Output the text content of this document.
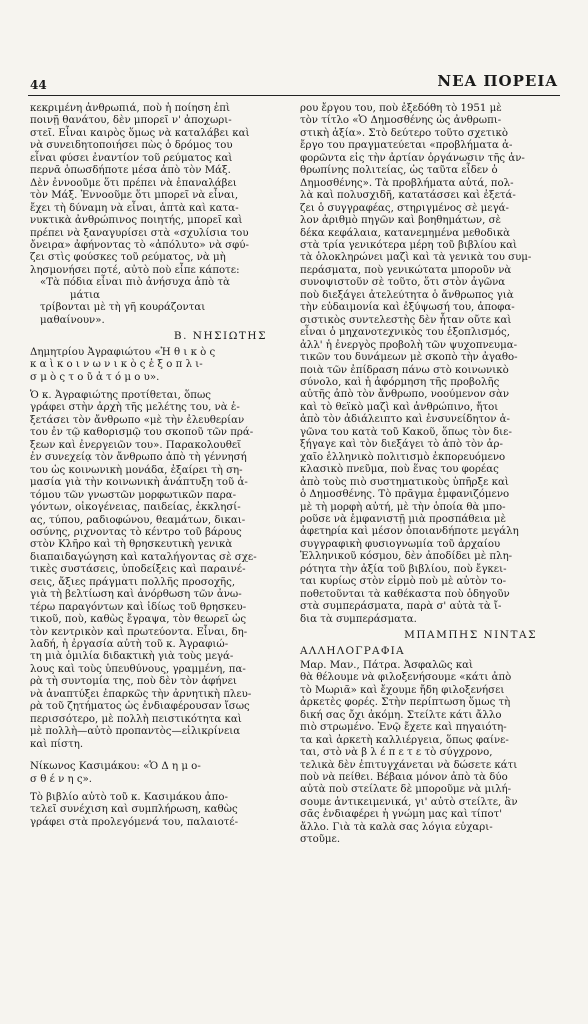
44	ΝΕΑ ΠΟΡΕΙΑ

κεκριμένη ἀνθρωπιά, ποὺ ἡ ποίηση ἐπὶ

ποινῇ θανάτου, δὲν μπορεῖ ν' ἀποχωρι-

στεῖ. Εἶναι καιρὸς ὅμως νὰ καταλάβει καὶ

νὰ συνειδητοποιήσει πὼς ὁ δρόμος του

εἶναι φύσει ἐναντίον τοῦ ρεύματος καὶ

περνᾶ ὁπωσδήποτε μέσα ἀπὸ τὸν Μάξ.

Δὲν ἐννοοῦμε ὅτι πρέπει νὰ ἐπαναλάβει

τὸν Μάξ. Ἐννοοῦμε ὅτι μπορεῖ νὰ εἶναι,

ἔχει τὴ δύναμη νὰ εἶναι, ἁπτὰ καὶ κατα-

νυκτικὰ ἀνθρώπινος ποιητής, μπορεῖ καὶ

πρέπει νὰ ξαναγυρίσει στὰ «σχυλίσια του

ὄνειρα» ἀφήνοντας τὸ «ἀπόλυτο» νὰ σφύ-

ζει στὶς φούσκες τοῦ ρεύματος, νὰ μὴ

λησμονήσει ποτέ, αὐτὸ ποὺ εἶπε κάποτε:

«Τὰ πόδια εἶναι πιὸ ἀνήσυχα ἀπὸ τὰ

μάτια

τρίβονται μὲ τὴ γῆ κουράζονται

μαθαίνουν».

Β. ΝΗΣΙΩΤΗΣ

Δημητρίου Ἀγραφιώτου «Ἠ θ ι κ ὸ ς

κ α ὶ κ ο ι ν ω ν ι κ ὸ ς ἐ ξ ο π λ ι-

σ μ ὸ ς τ ο ῦ ἀ τ ό μ ο υ».

Ὁ κ. Ἀγραφιώτης προτίθεται, ὅπως

γράφει στὴν ἀρχὴ τῆς μελέτης του, νὰ ἐ-

ξετάσει τὸν ἄνθρωπο «μὲ τὴν ἐλευθερίαν

του ἐν τῷ καθορισμῷ του σκοποῦ τῶν πρά-

ξεων καὶ ἐνεργειῶν του». Παρακολουθεῖ

ἐν συνεχείᾳ τὸν ἄνθρωπο ἀπὸ τὴ γέννησή

του ὡς κοινωνικὴ μονάδα, ἐξαίρει τὴ ση-

μασία γιὰ τὴν κοινωνικὴ ἀνάπτυξη τοῦ ἀ-

τόμου τῶν γνωστῶν μορφωτικῶν παρα-

γόντων, οἰκογένειας, παιδείας, ἐκκλησί-

ας, τύπου, ραδιοφώνου, θεαμάτων, δικαι-

οσύνης, ριχνοντας τὸ κέντρο τοῦ βάρους

στὸν Κλῆρο καὶ τὴ θρησκευτικὴ γενικὰ

διαπαιδαγώγηση καὶ καταλήγοντας σὲ σχε-

τικὲς συστάσεις, ὑποδείξεις καὶ παραινέ-

σεις, ἄξιες πράγματι πολλῆς προσοχῆς,

γιὰ τὴ βελτίωση καὶ ἀνόρθωση τῶν ἀνω-

τέρω παραγόντων καὶ ἰδίως τοῦ θρησκευ-

τικοῦ, ποὺ, καθὼς ἔγραψα, τὸν θεωρεῖ ὡς

τὸν κεντρικὸν καὶ πρωτεύοντα. Εἶναι, δη-

λαδή, ἡ ἐργασία αὐτὴ τοῦ κ. Ἀγραφιώ-

τη μιὰ ὁμιλία διδακτικὴ γιὰ τοὺς μεγά-

λους καὶ τοὺς ὑπευθύνους, γραμμένη, πα-

ρὰ τὴ συντομία της, ποὺ δὲν τὸν ἀφήνει

νὰ ἀναπτύξει ἐπαρκῶς τὴν ἀρνητικὴ πλευ-

ρὰ τοῦ ζητήματος ὡς ἐνδιαφέρουσαν ἴσως

περισσότερο, μὲ πολλὴ πειστικότητα καὶ

μὲ πολλὴ—αὐτὸ προπαντὸς—εἰλικρίνεια

καὶ πίστη.

Νίκωνος Κασιμάκου: «Ὁ Δ η μ ο-

σ θ έ ν η ς».

Τὸ βιβλίο αὐτὸ τοῦ κ. Κασιμάκου ἀπο-

τελεῖ συνέχιση καὶ συμπλήρωση, καθὼς

γράφει στὰ προλεγόμενά του, παλαιοτέ-

ρου ἔργου του, ποὺ ἐξεδόθη τὸ 1951 μὲ

τὸν τίτλο «Ὁ Δημοσθένης ὡς ἀνθρωπι-

στικὴ ἀξία». Στὸ δεύτερο τοῦτο σχετικὸ

ἔργο του πραγματεύεται «προβλήματα ἀ-

φορῶντα εἰς τὴν ἀρτίαν ὀργάνωσιν τῆς ἀν-

θρωπίνης πολιτείας, ὡς ταῦτα εἶδεν ὁ

Δημοσθένης». Τὰ προβλήματα αὐτά, πολ-

λὰ καὶ πολυσχιδῆ, κατατάσσει καὶ ἐξετά-

ζει ὁ συγγραφέας, στηριγμένος σὲ μεγά-

λον ἀριθμὸ πηγῶν καὶ βοηθημάτων, σὲ

δέκα κεφάλαια, κατανεμημένα μεθοδικὰ

στὰ τρία γενικότερα μέρη τοῦ βιβλίου καὶ

τὰ ὁλοκληρώνει μαζὶ καὶ τὰ γενικὰ του συμ-

περάσματα, ποὺ γενικώτατα μποροῦν νὰ

συνοψιστοῦν σὲ τοῦτο, ὅτι στὸν ἀγῶνα

ποὺ διεξάγει ἀτελεύτητα ὁ ἄνθρωπος γιὰ

τὴν εὐδαιμονία καὶ ἐξύψωσή του, ἀποφα-

σιστικὸς συντελεστὴς δὲν ἦταν οὔτε καὶ

εἶναι ὁ μηχανοτεχνικὸς του ἐξοπλισμός,

ἀλλ' ἡ ἐνεργὸς προβολὴ τῶν ψυχοπνευμα-

τικῶν του δυνάμεων μὲ σκοπὸ τὴν ἀγαθο-

ποιὰ τῶν ἐπίδραση πάνω στὸ κοινωνικὸ

σύνολο, καὶ ἡ ἀφόρμηση τῆς προβολῆς

αὐτῆς ἀπὸ τὸν ἄνθρωπο, νοούμενον σὰν

καὶ τὸ θεϊκὸ μαζὶ καὶ ἀνθρώπινο, ἤτοι

ἀπὸ τὸν ἀδιάλειπτο καὶ ἐνσυνείδητον ἀ-

γῶνα του κατὰ τοῦ Κακοῦ, ὅπως τὸν διε-

ξήγαγε καὶ τὸν διεξάγει τὸ ἀπὸ τὸν ἀρ-

χαῖο ἑλληνικὸ πολιτισμὸ ἐκπορευόμενο

κλασικὸ πνεῦμα, ποὺ ἕνας του φορέας

ἀπὸ τοὺς πιὸ συστηματικοὺς ὑπῆρξε καὶ

ὁ Δημοσθένης. Τὸ πρᾶγμα ἐμφανιζόμενο

μὲ τὴ μορφὴ αὐτή, μὲ τὴν ὁποία θὰ μπο-

ροῦσε νὰ ἐμφανιστῇ μιὰ προσπάθεια μὲ

ἀφετηρία καὶ μέσον ὁποιανδήποτε μεγάλη

συγγραφικὴ φυσιογνωμία τοῦ ἀρχαίου

Ἑλληνικοῦ κόσμου, δὲν ἀποδίδει μὲ πλη-

ρότητα τὴν ἀξία τοῦ βιβλίου, ποὺ ἔγκει-

ται κυρίως στὸν εἱρμὸ ποὺ μὲ αὐτὸν το-

ποθετοῦνται τὰ καθέκαστα ποὺ ὁδηγοῦν

στὰ συμπεράσματα, παρὰ σ' αὐτὰ τὰ ἴ-

δια τὰ συμπεράσματα.

ΜΠΑΜΠΗΣ ΝΙΝΤΑΣ

ΑΛΛΗΛΟΓΡΑΦΙΑ

Μαρ. Μαν., Πάτρα. Ἀσφαλῶς καὶ

θὰ θέλουμε νὰ φιλοξενήσουμε «κάτι ἀπὸ

τὸ Μωριᾶ» καὶ ἔχουμε ἤδη φιλοξενήσει

ἀρκετὲς φορές. Στὴν περίπτωση ὅμως τὴ

δική σας ὄχι ἀκόμη. Στείλτε κάτι ἄλλο

πιὸ στρωμένο. Ἐνῷ ἔχετε καὶ πηγαιότη-

τα καὶ ἀρκετὴ καλλιέργεια, ὅπως φαίνε-

ται, στὸ νὰ β λ έ π ε τ ε τὸ σύγχρονο,

τελικὰ δὲν ἐπιτυγχάνεται νὰ δώσετε κάτι

ποὺ νὰ πείθει. Βέβαια μόνον ἀπὸ τὰ δύο

αὐτὰ ποὺ στείλατε δὲ μποροῦμε νὰ μιλή-

σουμε ἀντικειμενικά, γι' αὐτὸ στείλτε, ἂν

σᾶς ἐνδιαφέρει ἡ γνώμη μας καὶ τίποτ'

ἄλλο. Γιὰ τὰ καλὰ σας λόγια εὐχαρι-

στοῦμε.
